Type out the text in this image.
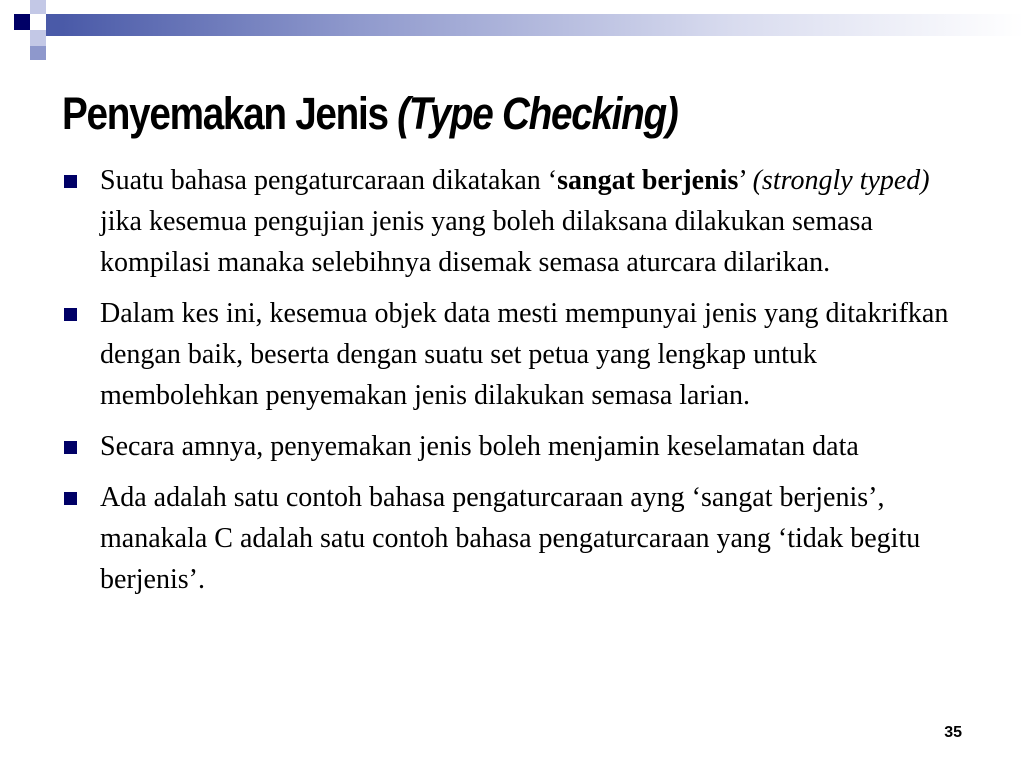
Penyemakan Jenis (Type Checking)
Suatu bahasa pengaturcaraan dikatakan ‘sangat berjenis’ (strongly typed) jika kesemua pengujian jenis yang boleh dilaksana dilakukan semasa kompilasi manaka selebihnya disemak semasa aturcara dilarikan.
Dalam kes ini, kesemua objek data mesti mempunyai jenis yang ditakrifkan dengan baik, beserta dengan suatu set petua yang lengkap untuk membolehkan penyemakan jenis dilakukan semasa larian.
Secara amnya, penyemakan jenis boleh menjamin keselamatan data
Ada adalah satu contoh bahasa pengaturcaraan ayng ‘sangat berjenis’, manakala C adalah satu contoh bahasa pengaturcaraan yang ‘tidak begitu berjenis’.
35
